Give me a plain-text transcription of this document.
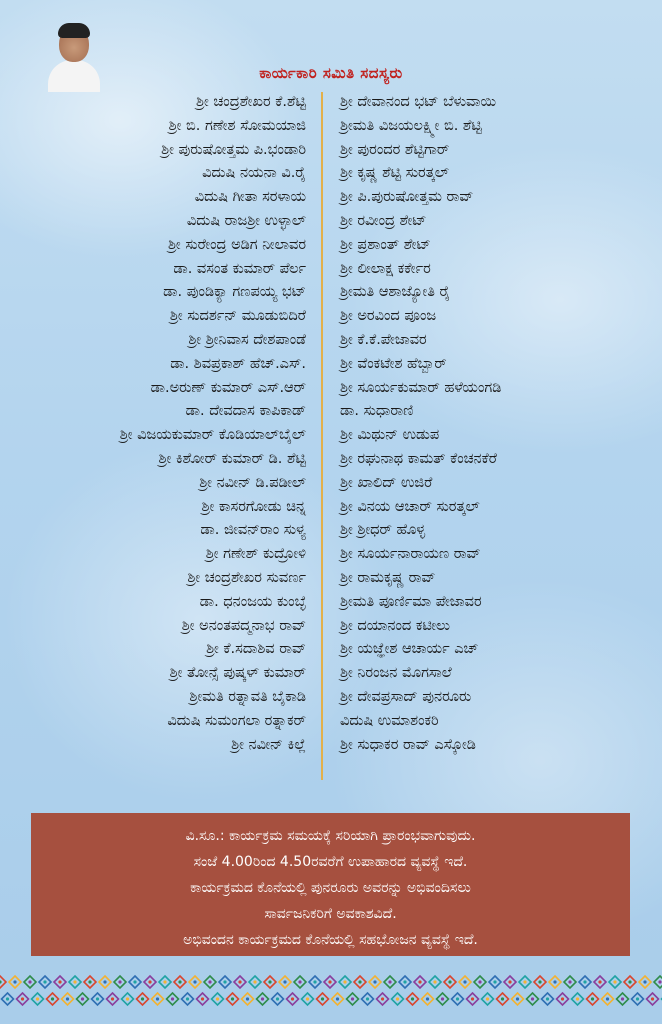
ಕಾರ್ಯಕಾರಿ ಸಮಿತಿ ಸದಸ್ಯರು
ಶ್ರೀ ಚಂದ್ರಶೇಖರ ಕೆ.ಶೆಟ್ಟಿ
ಶ್ರೀ ಬಿ. ಗಣೇಶ ಸೋಮಯಾಜಿ
ಶ್ರೀ ಪುರುಷೋತ್ತಮ ಪಿ.ಭಂಡಾರಿ
ವಿದುಷಿ ನಯನಾ ವಿ.ರೈ
ವಿದುಷಿ ಗೀತಾ ಸರಳಾಯ
ವಿದುಷಿ ರಾಜಶ್ರೀ ಉಳ್ಳಾಲ್
ಶ್ರೀ ಸುರೇಂದ್ರ ಅಡಿಗ ನೀಲಾವರ
ಡಾ. ವಸಂತ ಕುಮಾರ್ ಪೆರ್ಲ
ಡಾ. ಪುಂಡಿಕ್ಯಾ ಗಣಪಯ್ಯ ಭಟ್
ಶ್ರೀ ಸುದರ್ಶನ್ ಮೂಡುಬಿದಿರೆ
ಶ್ರೀ ಶ್ರೀನಿವಾಸ ದೇಶಪಾಂಡೆ
ಡಾ. ಶಿವಪ್ರಕಾಶ್ ಹೆಚ್.ಎಸ್.
ಡಾ.ಅರುಣ್ ಕುಮಾರ್ ಎಸ್.ಆರ್
ಡಾ. ದೇವದಾಸ ಕಾಪಿಕಾಡ್
ಶ್ರೀ ವಿಜಯಕುಮಾರ್ ಕೊಡಿಯಾಲ್‌ಬೈಲ್
ಶ್ರೀ ಕಿಶೋರ್ ಕುಮಾರ್ ಡಿ. ಶೆಟ್ಟಿ
ಶ್ರೀ ನವೀನ್ ಡಿ.ಪಡೀಲ್
ಶ್ರೀ ಕಾಸರಗೋಡು ಚಿನ್ನ
ಡಾ. ಜೀವನ್‌ರಾಂ ಸುಳ್ಯ
ಶ್ರೀ ಗಣೇಶ್ ಕುದ್ರೋಳಿ
ಶ್ರೀ ಚಂದ್ರಶೇಖರ ಸುವರ್ಣ
ಡಾ. ಧನಂಜಯ ಕುಂಬ್ಳೆ
ಶ್ರೀ ಅನಂತಪದ್ಮನಾಭ ರಾವ್
ಶ್ರೀ ಕೆ.ಸದಾಶಿವ ರಾವ್
ಶ್ರೀ ತೋನ್ಸೆ ಪುಷ್ಕಳ್ ಕುಮಾರ್
ಶ್ರೀಮತಿ ರತ್ನಾವತಿ ಬೈಕಾಡಿ
ವಿದುಷಿ ಸುಮಂಗಲಾ ರತ್ನಾಕರ್
ಶ್ರೀ ನವೀನ್ ಕಿಲ್ಲೆ
ಶ್ರೀ ದೇವಾನಂದ ಭಟ್ ಬೆಳುವಾಯಿ
ಶ್ರೀಮತಿ ವಿಜಯಲಕ್ಷ್ಮೀ ಬಿ. ಶೆಟ್ಟಿ
ಶ್ರೀ ಪುರಂದರ ಶೆಟ್ಟಿಗಾರ್
ಶ್ರೀ ಕೃಷ್ಣ ಶೆಟ್ಟಿ ಸುರತ್ಕಲ್
ಶ್ರೀ ಪಿ.ಪುರುಷೋತ್ತಮ ರಾವ್
ಶ್ರೀ ರವೀಂದ್ರ ಶೇಟ್
ಶ್ರೀ ಪ್ರಶಾಂತ್ ಶೇಟ್
ಶ್ರೀ ಲೀಲಾಕ್ಷ ಕರ್ಕೇರ
ಶ್ರೀಮತಿ ಆಶಾಜ್ಯೋತಿ ರೈ
ಶ್ರೀ ಅರವಿಂದ ಪೂಂಜ
ಶ್ರೀ ಕೆ.ಕೆ.ಪೇಜಾವರ
ಶ್ರೀ ವೆಂಕಟೇಶ ಹೆಬ್ಬಾರ್
ಶ್ರೀ ಸೂರ್ಯಕುಮಾರ್ ಹಳೆಯಂಗಡಿ
ಡಾ. ಸುಧಾರಾಣಿ
ಶ್ರೀ ಮಿಥುನ್ ಉಡುಪ
ಶ್ರೀ ರಘುನಾಥ ಕಾಮತ್ ಕೆಂಚನಕೆರೆ
ಶ್ರೀ ಖಾಲಿದ್ ಉಜಿರೆ
ಶ್ರೀ ವಿನಯ ಆಚಾರ್ ಸುರತ್ಕಲ್
ಶ್ರೀ ಶ್ರೀಧರ್ ಹೊಳ್ಳ
ಶ್ರೀ ಸೂರ್ಯನಾರಾಯಣ ರಾವ್
ಶ್ರೀ ರಾಮಕೃಷ್ಣ ರಾವ್
ಶ್ರೀಮತಿ ಪೂರ್ಣಿಮಾ ಪೇಜಾವರ
ಶ್ರೀ ದಯಾನಂದ ಕಟೀಲು
ಶ್ರೀ ಯಜ್ಞೇಶ ಆಚಾರ್ಯ ಎಚ್
ಶ್ರೀ ನಿರಂಜನ ಮೊಗಸಾಲೆ
ಶ್ರೀ ದೇವಪ್ರಸಾದ್ ಪುನರೂರು
ವಿದುಷಿ ಉಮಾಶಂಕರಿ
ಶ್ರೀ ಸುಧಾಕರ ರಾವ್ ಎಸ್ಕೋಡಿ
ವಿ.ಸೂ.: ಕಾರ್ಯಕ್ರಮ ಸಮಯಕ್ಕೆ ಸರಿಯಾಗಿ ಪ್ರಾರಂಭವಾಗುವುದು.
ಸಂಜೆ 4.00ರಿಂದ 4.50ರವರೆಗೆ ಉಪಾಹಾರದ ವ್ಯವಸ್ಥೆ ಇದೆ.
ಕಾರ್ಯಕ್ರಮದ ಕೊನೆಯಲ್ಲಿ ಪುನರೂರು ಅವರನ್ನು ಅಭಿವಂದಿಸಲು
ಸಾರ್ವಜನಿಕರಿಗೆ ಅವಕಾಶವಿದೆ.
ಅಭಿವಂದನ ಕಾರ್ಯಕ್ರಮದ ಕೊನೆಯಲ್ಲಿ ಸಹಭೋಜನ ವ್ಯವಸ್ಥೆ ಇದೆ.
